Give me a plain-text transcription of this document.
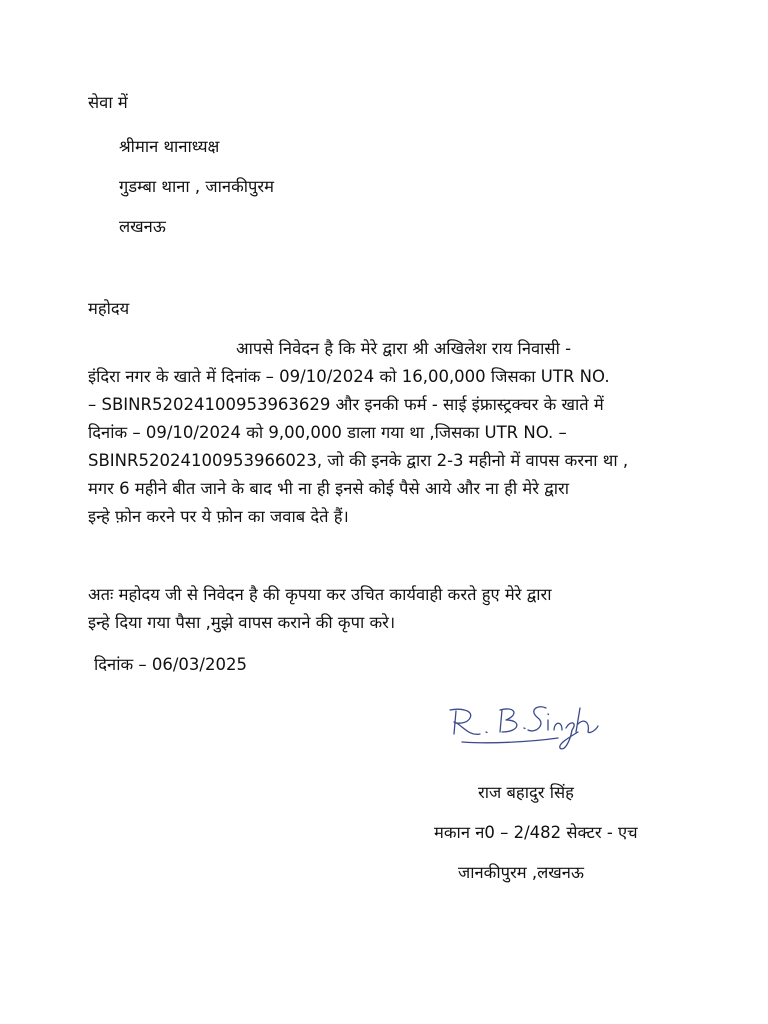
सेवा में
श्रीमान थानाध्यक्ष
गुडम्बा थाना , जानकीपुरम
लखनऊ
महोदय
आपसे निवेदन है कि मेरे द्वारा श्री अखिलेश राय निवासी -
इंदिरा नगर के खाते में दिनांक – 09/10/2024 को 16,00,000 जिसका UTR NO.
– SBINR52024100953963629 और इनकी फर्म - साई इंफ्रास्ट्रक्चर के खाते में
दिनांक – 09/10/2024 को 9,00,000 डाला गया था ,जिसका UTR NO. –
SBINR52024100953966023, जो की इनके द्वारा 2-3 महीनो में वापस करना था ,
मगर 6 महीने बीत जाने के बाद भी ना ही इनसे कोई पैसे आये और ना ही मेरे द्वारा
इन्हे फ़ोन करने पर ये फ़ोन का जवाब देते हैं।
अतः महोदय जी से निवेदन है की कृपया कर उचित कार्यवाही करते हुए मेरे द्वारा
इन्हे दिया गया पैसा ,मुझे वापस कराने की कृपा करे।
दिनांक – 06/03/2025
राज बहादुर सिंह
मकान न0 – 2/482 सेक्टर - एच
जानकीपुरम ,लखनऊ
